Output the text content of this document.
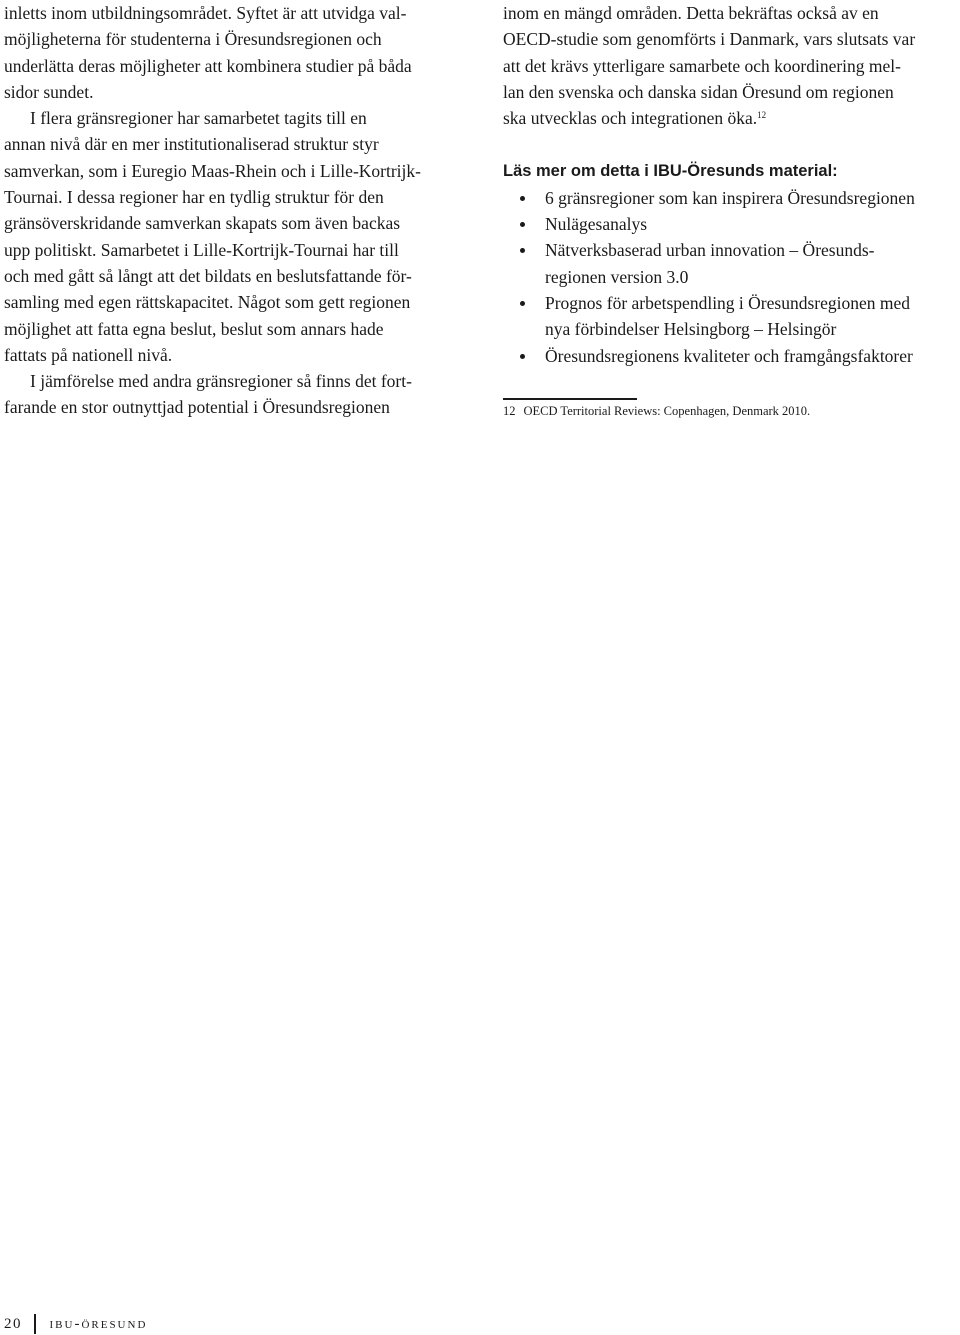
inletts inom utbildningsområdet. Syftet är att utvidga val-
möjligheterna för studenterna i Öresundsregionen och
underlätta deras möjligheter att kombinera studier på båda
sidor sundet.
I flera gränsregioner har samarbetet tagits till en
annan nivå där en mer institutionaliserad struktur styr
samverkan, som i Euregio Maas-Rhein och i Lille-Kortrijk-
Tournai. I dessa regioner har en tydlig struktur för den
gränsöverskridande samverkan skapats som även backas
upp politiskt. Samarbetet i Lille-Kortrijk-Tournai har till
och med gått så långt att det bildats en beslutsfattande för-
samling med egen rättskapacitet. Något som gett regionen
möjlighet att fatta egna beslut, beslut som annars hade
fattats på nationell nivå.
I jämförelse med andra gränsregioner så finns det fort-
farande en stor outnyttjad potential i Öresundsregionen
inom en mängd områden. Detta bekräftas också av en
OECD-studie som genomförts i Danmark, vars slutsats var
att det krävs ytterligare samarbete och koordinering mel-
lan den svenska och danska sidan Öresund om regionen
ska utvecklas och integrationen öka.$^{12}$
Läs mer om detta i IBU-Öresunds material:
6 gränsregioner som kan inspirera Öresundsregionen
Nulägesanalys
Nätverksbaserad urban innovation – Öresunds-
regionen version 3.0
Prognos för arbetspendling i Öresundsregionen med
nya förbindelser Helsingborg – Helsingör
Öresundsregionens kvaliteter och framgångsfaktorer
12 OECD Territorial Reviews: Copenhagen, Denmark 2010.
20 ibu-öresund
